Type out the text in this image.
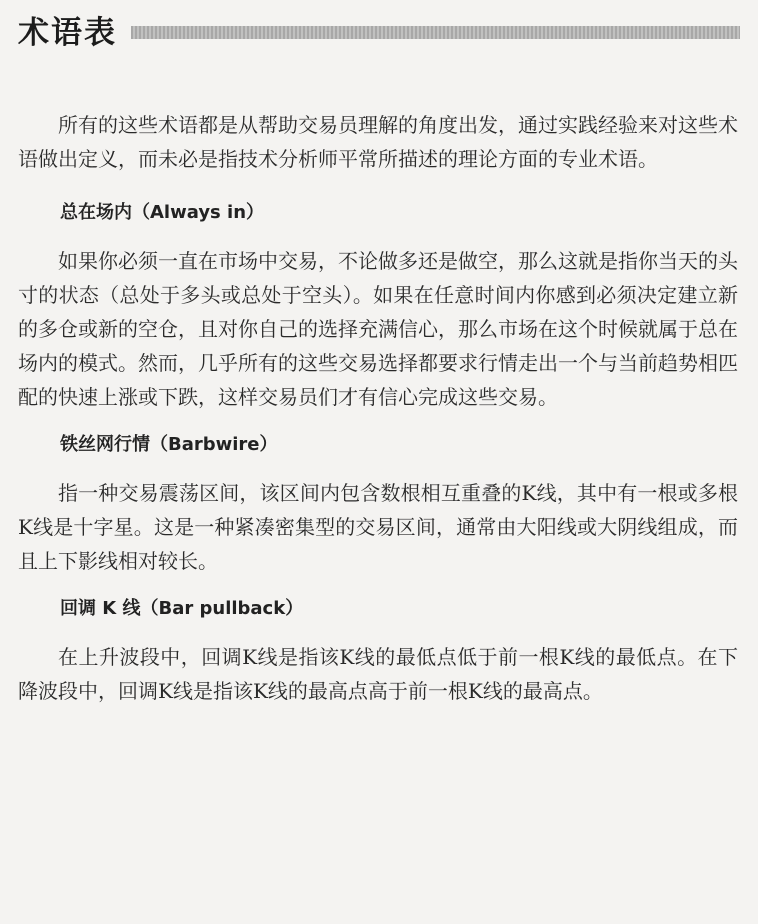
术语表

所有的这些术语都是从帮助交易员理解的角度出发，通过实践经验来对这些术语做出定义，而未必是指技术分析师平常所描述的理论方面的专业术语。

总在场内（Always in）

如果你必须一直在市场中交易，不论做多还是做空，那么这就是指你当天的头寸的状态（总处于多头或总处于空头）。如果在任意时间内你感到必须决定建立新的多仓或新的空仓，且对你自己的选择充满信心，那么市场在这个时候就属于总在场内的模式。然而，几乎所有的这些交易选择都要求行情走出一个与当前趋势相匹配的快速上涨或下跌，这样交易员们才有信心完成这些交易。

铁丝网行情（Barbwire）

指一种交易震荡区间，该区间内包含数根相互重叠的K线，其中有一根或多根K线是十字星。这是一种紧凑密集型的交易区间，通常由大阳线或大阴线组成，而且上下影线相对较长。

回调 K 线（Bar pullback）

在上升波段中，回调K线是指该K线的最低点低于前一根K线的最低点。在下降波段中，回调K线是指该K线的最高点高于前一根K线的最高点。
